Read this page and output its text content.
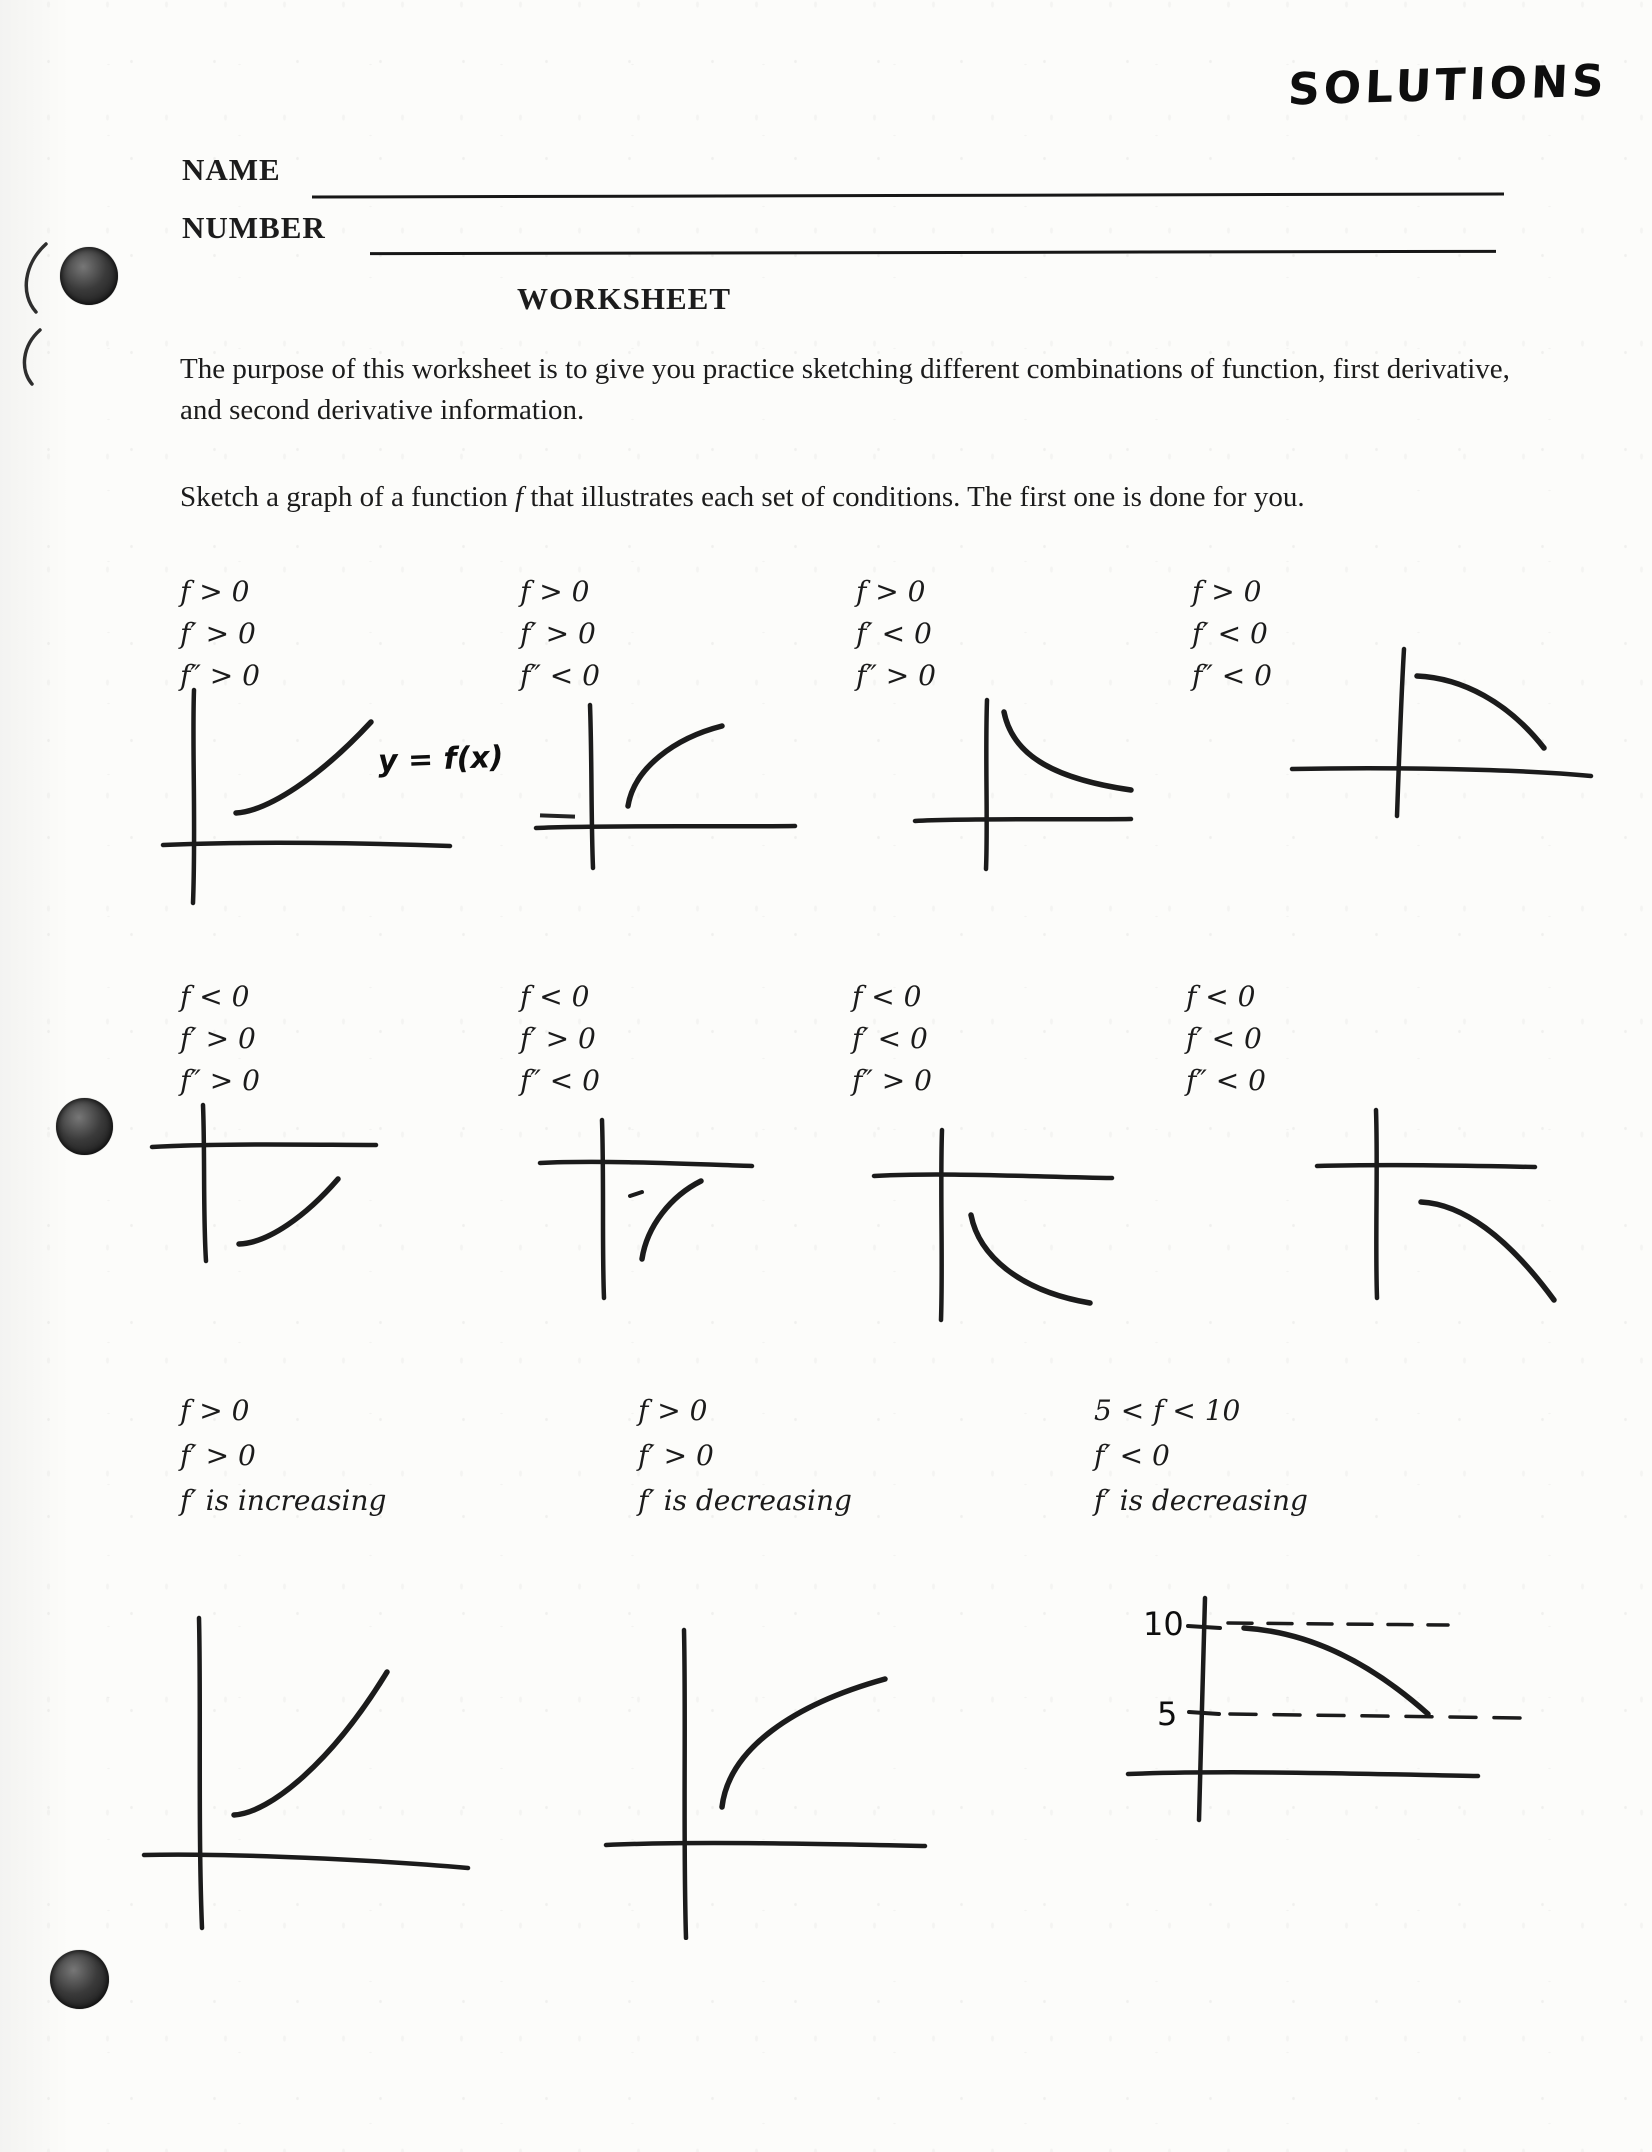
SOLUTIONS
NAME
NUMBER
WORKSHEET
The purpose of this worksheet is to give you practice sketching different combinations of function, first derivative, and second derivative information.
Sketch a graph of a function f that illustrates each set of conditions. The first one is done for you.
f > 0
f′ > 0
f″ > 0
f > 0
f′ > 0
f″ < 0
f > 0
f′ < 0
f″ > 0
f > 0
f′ < 0
f″ < 0
y = f(x)
f < 0
f′ > 0
f″ > 0
f < 0
f′ > 0
f″ < 0
f < 0
f′ < 0
f″ > 0
f < 0
f′ < 0
f″ < 0
f > 0
f′ > 0
f′ is increasing
f > 0
f′ > 0
f′ is decreasing
5 < f < 10
f′ < 0
f′ is decreasing
10
5
